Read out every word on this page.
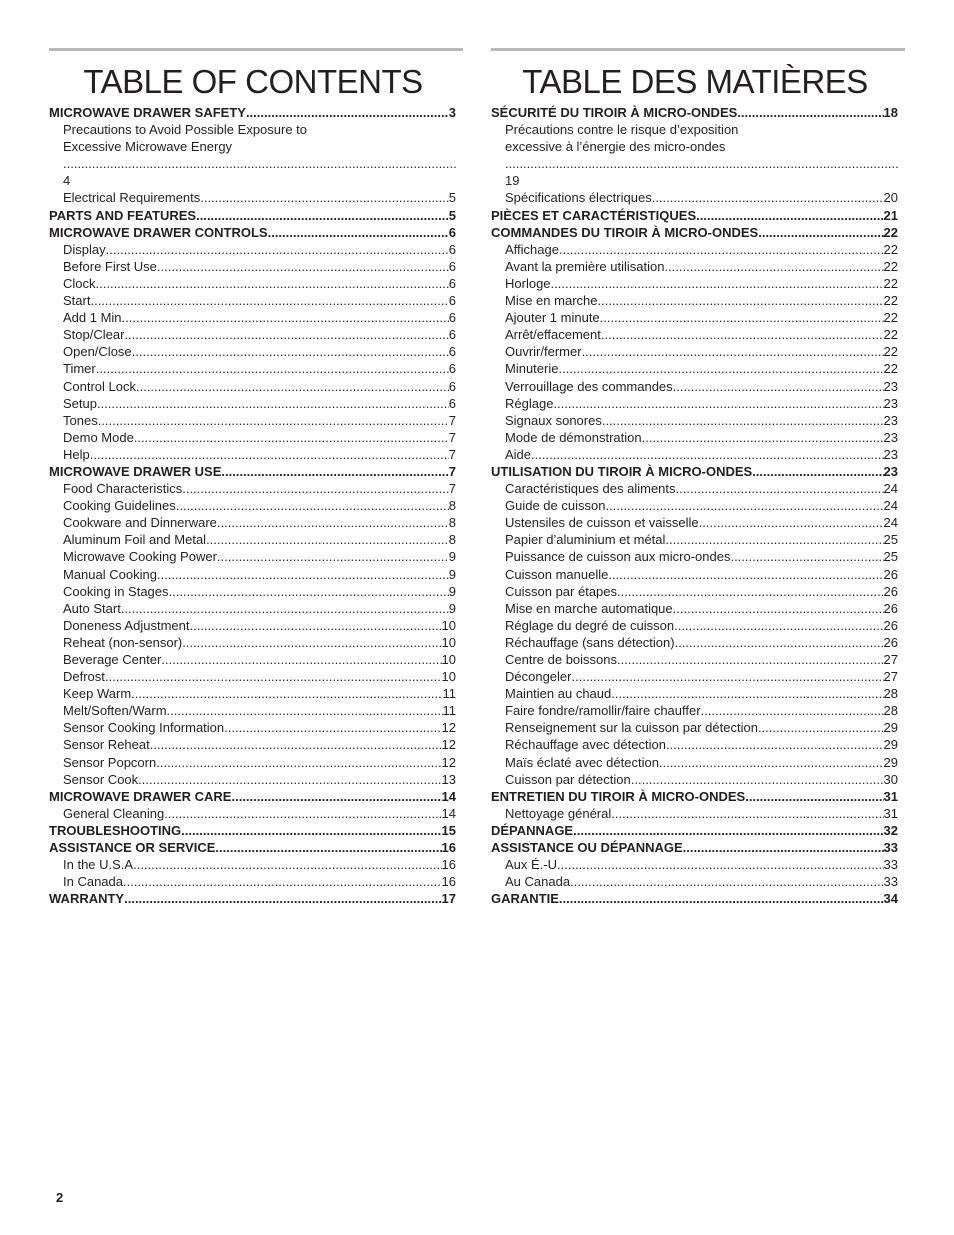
TABLE OF CONTENTS
MICROWAVE DRAWER SAFETY .....	3
Precautions to Avoid Possible Exposure to
Excessive Microwave Energy
.....
4
Electrical Requirements .....	5
PARTS AND FEATURES .....	5
MICROWAVE DRAWER CONTROLS .....	6
Display .....	6
Before First Use .....	6
Clock .....	6
Start .....	6
Add 1 Min .....	6
Stop/Clear .....	6
Open/Close .....	6
Timer .....	6
Control Lock .....	6
Setup .....	6
Tones .....	7
Demo Mode .....	7
Help .....	7
MICROWAVE DRAWER USE .....	7
Food Characteristics .....	7
Cooking Guidelines .....	8
Cookware and Dinnerware .....	8
Aluminum Foil and Metal .....	8
Microwave Cooking Power .....	9
Manual Cooking .....	9
Cooking in Stages .....	9
Auto Start .....	9
Doneness Adjustment .....	10
Reheat (non-sensor) .....	10
Beverage Center .....	10
Defrost .....	10
Keep Warm .....	11
Melt/Soften/Warm .....	11
Sensor Cooking Information .....	12
Sensor Reheat .....	12
Sensor Popcorn .....	12
Sensor Cook .....	13
MICROWAVE DRAWER CARE .....	14
General Cleaning .....	14
TROUBLESHOOTING .....	15
ASSISTANCE OR SERVICE .....	16
In the U.S.A. .....	16
In Canada .....	16
WARRANTY .....	17
TABLE DES MATIÈRES
SÉCURITÉ DU TIROIR À MICRO-ONDES .....	18
Précautions contre le risque d’exposition
excessive à l’énergie des micro-ondes
.....
19
Spécifications électriques .....	20
PIÈCES ET CARACTÉRISTIQUES .....	21
COMMANDES DU TIROIR À MICRO-ONDES .....	22
Affichage .....	22
Avant la première utilisation .....	22
Horloge .....	22
Mise en marche .....	22
Ajouter 1 minute .....	22
Arrêt/effacement .....	22
Ouvrir/fermer .....	22
Minuterie .....	22
Verrouillage des commandes .....	23
Réglage .....	23
Signaux sonores .....	23
Mode de démonstration .....	23
Aide .....	23
UTILISATION DU TIROIR À MICRO-ONDES .....	23
Caractéristiques des aliments .....	24
Guide de cuisson .....	24
Ustensiles de cuisson et vaisselle .....	24
Papier d’aluminium et métal .....	25
Puissance de cuisson aux micro-ondes .....	25
Cuisson manuelle .....	26
Cuisson par étapes .....	26
Mise en marche automatique .....	26
Réglage du degré de cuisson .....	26
Réchauffage (sans détection) .....	26
Centre de boissons .....	27
Décongeler .....	27
Maintien au chaud .....	28
Faire fondre/ramollir/faire chauffer .....	28
Renseignement sur la cuisson par détection .....	29
Réchauffage avec détection .....	29
Maïs éclaté avec détection .....	29
Cuisson par détection .....	30
ENTRETIEN DU TIROIR À MICRO-ONDES .....	31
Nettoyage général .....	31
DÉPANNAGE .....	32
ASSISTANCE OU DÉPANNAGE .....	33
Aux É.-U. .....	33
Au Canada .....	33
GARANTIE .....	34
2
